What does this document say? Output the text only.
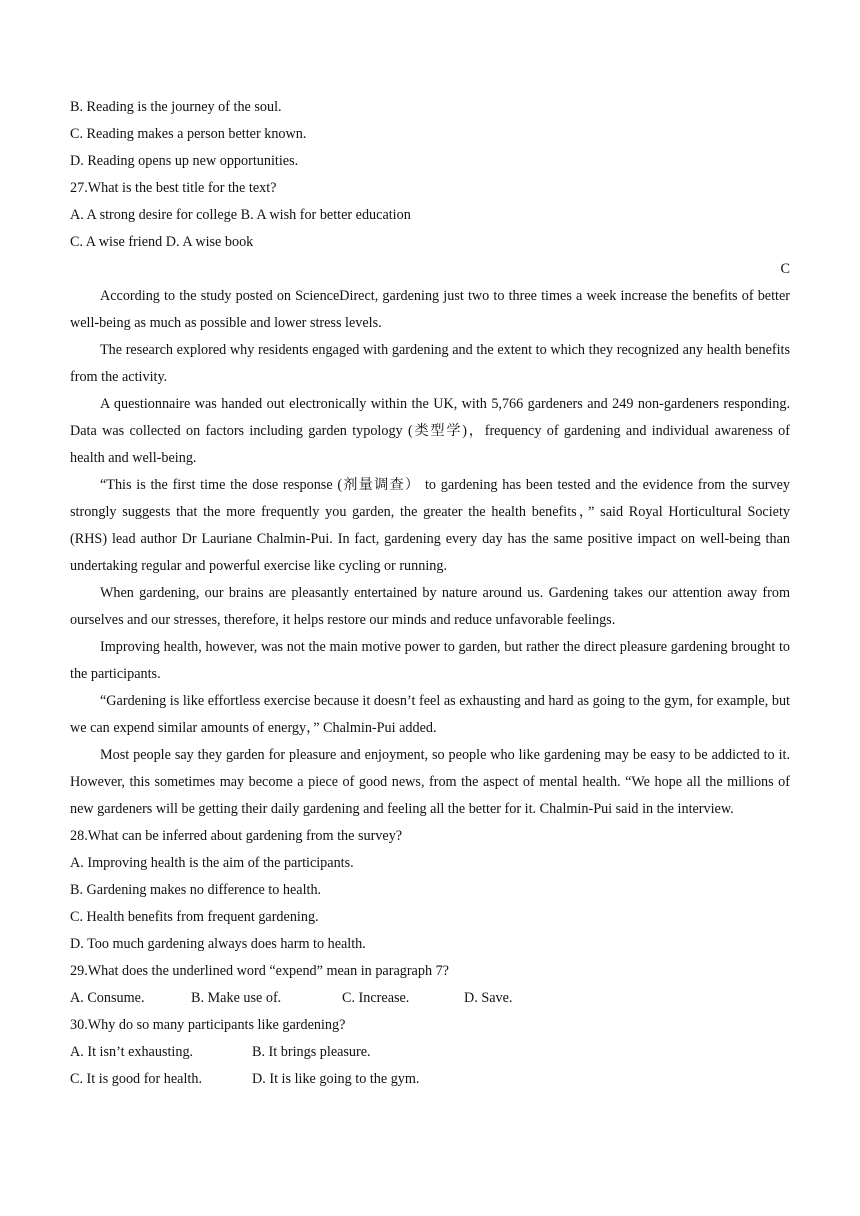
B. Reading is the journey of the soul.
C. Reading makes a person better known.
D. Reading opens up new opportunities.
27.What is the best title for the text?
A. A strong desire for college B. A wish for better education
C. A wise friend D. A wise book
C
According to the study posted on ScienceDirect, gardening just two to three times a week increase the benefits of better well-being as much as possible and lower stress levels.
The research explored why residents engaged with gardening and the extent to which they recognized any health benefits from the activity.
A questionnaire was handed out electronically within the UK, with 5,766 gardeners and 249 non-gardeners responding. Data was collected on factors including garden typology (类型学)，frequency of gardening and individual awareness of health and well-being.
“This is the first time the dose response (剂量调查） to gardening has been tested and the evidence from the survey strongly suggests that the more frequently you garden, the greater the health benefits，” said Royal Horticultural Society (RHS) lead author Dr Lauriane Chalmin-Pui. In fact, gardening every day has the same positive impact on well-being than undertaking regular and powerful exercise like cycling or running.
When gardening, our brains are pleasantly entertained by nature around us. Gardening takes our attention away from ourselves and our stresses, therefore, it helps restore our minds and reduce unfavorable feelings.
Improving health, however, was not the main motive power to garden, but rather the direct pleasure gardening brought to the participants.
“Gardening is like effortless exercise because it doesn’t feel as exhausting and hard as going to the gym, for example, but we can expend similar amounts of energy，” Chalmin-Pui added.
Most people say they garden for pleasure and enjoyment, so people who like gardening may be easy to be addicted to it. However, this sometimes may become a piece of good news, from the aspect of mental health. “We hope all the millions of new gardeners will be getting their daily gardening and feeling all the better for it. Chalmin-Pui said in the interview.
28.What can be inferred about gardening from the survey?
A. Improving health is the aim of the participants.
B. Gardening makes no difference to health.
C. Health benefits from frequent gardening.
D. Too much gardening always does harm to health.
29.What does the underlined word “expend” mean in paragraph 7?
A. Consume.	B. Make use of.	C. Increase.	D. Save.
30.Why do so many participants like gardening?
A. It isn’t exhausting.	B. It brings pleasure.
C. It is good for health.	D. It is like going to the gym.
